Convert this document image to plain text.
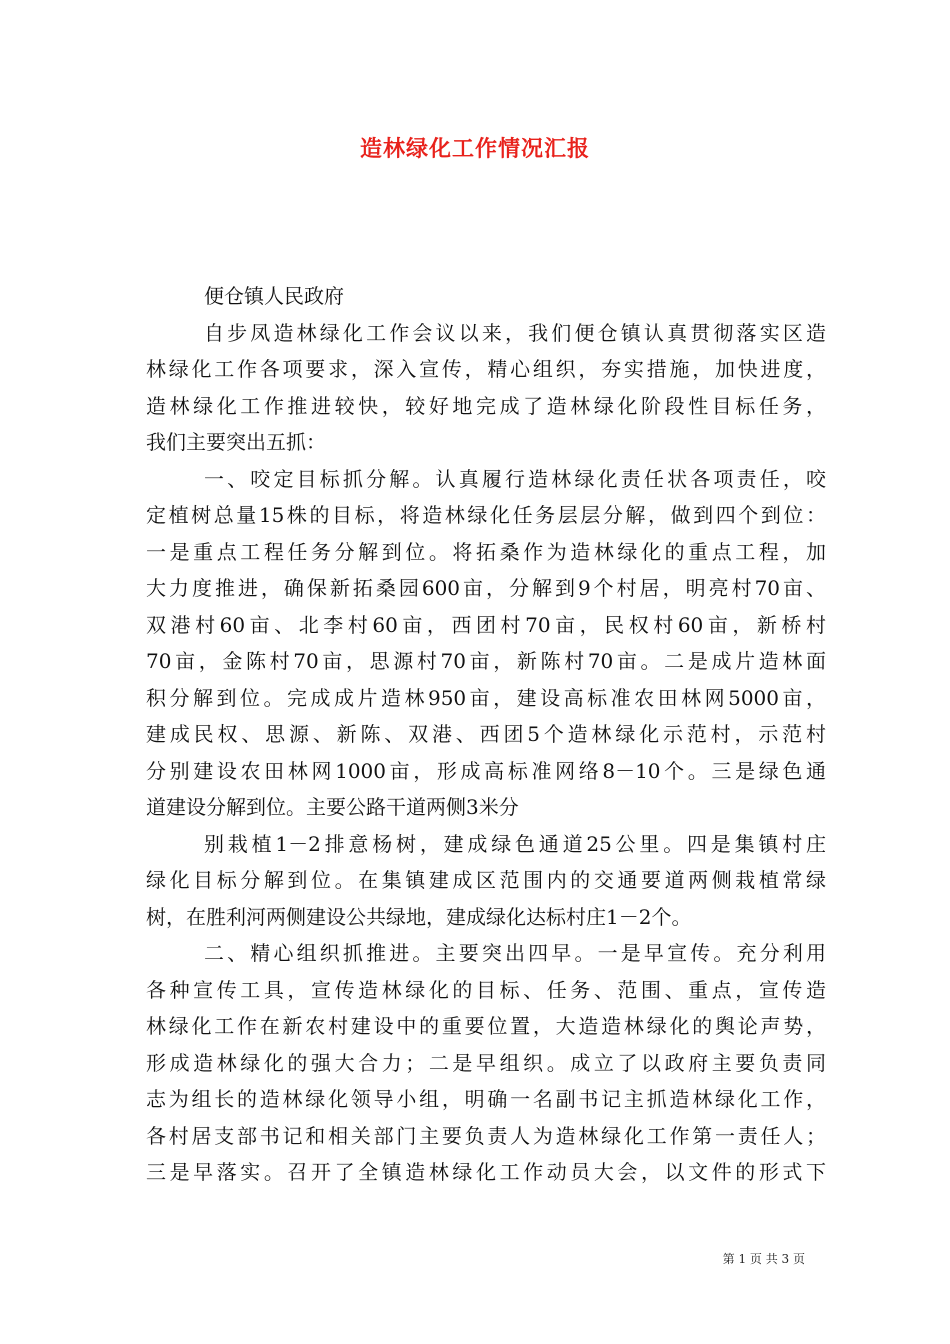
造林绿化工作情况汇报
便仓镇人民政府
自步凤造林绿化工作会议以来，我们便仓镇认真贯彻落实区造
林绿化工作各项要求，深入宣传，精心组织，夯实措施，加快进度，
造林绿化工作推进较快，较好地完成了造林绿化阶段性目标任务，
我们主要突出五抓：
一、咬定目标抓分解。认真履行造林绿化责任状各项责任，咬
定植树总量15株的目标，将造林绿化任务层层分解，做到四个到位：
一是重点工程任务分解到位。将拓桑作为造林绿化的重点工程，加
大力度推进，确保新拓桑园600亩，分解到9个村居，明亮村70亩、
双港村60亩、北李村60亩，西团村70亩，民权村60亩，新桥村
70亩，金陈村70亩，思源村70亩，新陈村70亩。二是成片造林面
积分解到位。完成成片造林950亩，建设高标准农田林网5000亩，
建成民权、思源、新陈、双港、西团5个造林绿化示范村，示范村
分别建设农田林网1000亩，形成高标准网络8－10个。三是绿色通
道建设分解到位。主要公路干道两侧3米分
别栽植1－2排意杨树，建成绿色通道25公里。四是集镇村庄
绿化目标分解到位。在集镇建成区范围内的交通要道两侧栽植常绿
树，在胜利河两侧建设公共绿地，建成绿化达标村庄1－2个。
二、精心组织抓推进。主要突出四早。一是早宣传。充分利用
各种宣传工具，宣传造林绿化的目标、任务、范围、重点，宣传造
林绿化工作在新农村建设中的重要位置，大造造林绿化的舆论声势，
形成造林绿化的强大合力；二是早组织。成立了以政府主要负责同
志为组长的造林绿化领导小组，明确一名副书记主抓造林绿化工作，
各村居支部书记和相关部门主要负责人为造林绿化工作第一责任人；
三是早落实。召开了全镇造林绿化工作动员大会，以文件的形式下
第 1 页 共 3 页
